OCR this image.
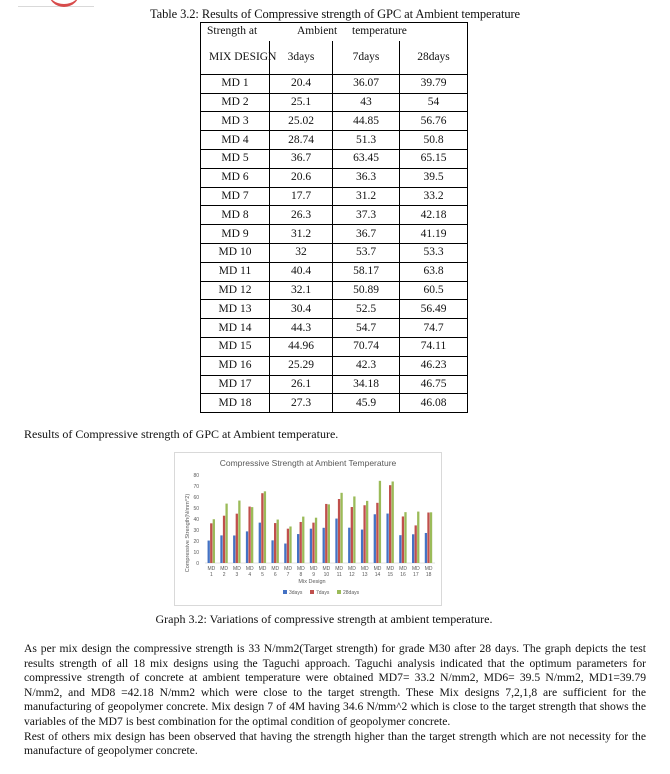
Table 3.2: Results of Compressive strength of GPC at Ambient temperature
Strength at Ambient temperature			

MIX DESIGN	3days	7days	28days
MD 1	20.4	36.07	39.79
MD 2	25.1	43	54
MD 3	25.02	44.85	56.76
MD 4	28.74	51.3	50.8
MD 5	36.7	63.45	65.15
MD 6	20.6	36.3	39.5
MD 7	17.7	31.2	33.2
MD 8	26.3	37.3	42.18
MD 9	31.2	36.7	41.19
MD 10	32	53.7	53.3
MD 11	40.4	58.17	63.8
MD 12	32.1	50.89	60.5
MD 13	30.4	52.5	56.49
MD 14	44.3	54.7	74.7
MD 15	44.96	70.74	74.11
MD 16	25.29	42.3	46.23
MD 17	26.1	34.18	46.75
MD 18	27.3	45.9	46.08
Results of Compressive strength of GPC at Ambient temperature.
Compressive Strength at Ambient Temperature
Compressive Strength(N/mm^2)
Mix Design
0
10
20
30
40
50
60
70
80
MD
1
MD
2
MD
3
MD
4
MD
5
MD
6
MD
7
MD
8
MD
9
MD
10
MD
11
MD
12
MD
13
MD
14
MD
15
MD
16
MD
17
MD
18
3days	7days	28days
Graph 3.2: Variations of compressive strength at ambient temperature.

As per mix design the compressive strength is 33 N/mm2(Target strength) for grade M30 after 28 days. The graph depicts the test results strength of all 18 mix designs using the Taguchi approach. Taguchi analysis indicated that the optimum parameters for compressive strength of concrete at ambient temperature were obtained MD7= 33.2 N/mm2, MD6= 39.5 N/mm2, MD1=39.79 N/mm2, and MD8 =42.18 N/mm2 which were close to the target strength. These Mix designs 7,2,1,8 are sufficient for the manufacturing of geopolymer concrete. Mix design 7 of 4M having 34.6 N/mm^2 which is close to the target strength that shows the variables of the MD7 is best combination for the optimal condition of geopolymer concrete.

Rest of others mix design has been observed that having the strength higher than the target strength which are not necessity for the manufacture of geopolymer concrete.
